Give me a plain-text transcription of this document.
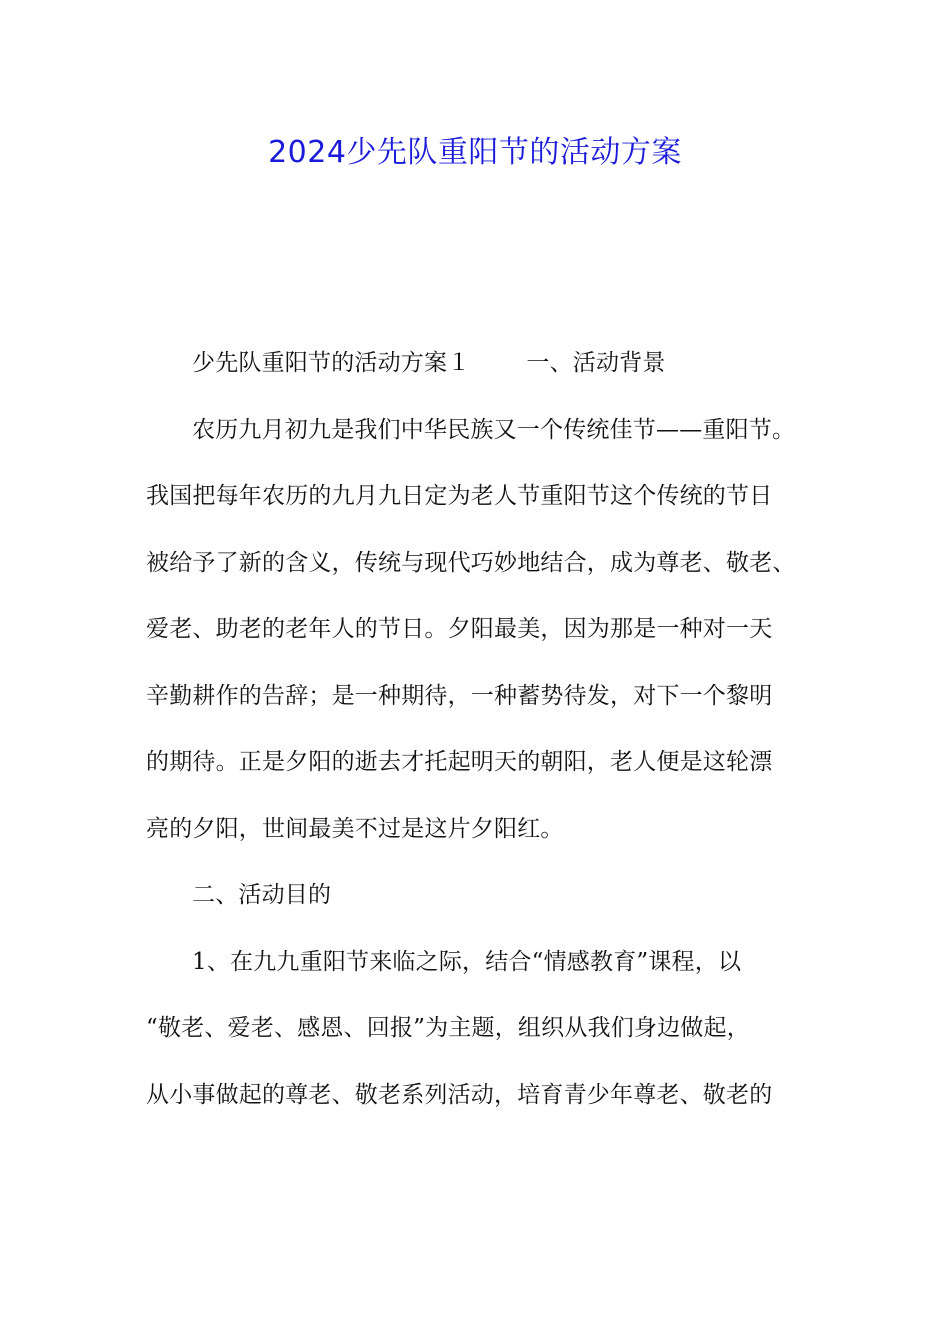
2024少先队重阳节的活动方案
少先队重阳节的活动方案１ 一、活动背景
农历九月初九是我们中华民族又一个传统佳节——重阳节。
我国把每年农历的九月九日定为老人节重阳节这个传统的节日
被给予了新的含义，传统与现代巧妙地结合，成为尊老、敬老、
爱老、助老的老年人的节日。夕阳最美，因为那是一种对一天
辛勤耕作的告辞；是一种期待，一种蓄势待发，对下一个黎明
的期待。正是夕阳的逝去才托起明天的朝阳，老人便是这轮漂
亮的夕阳，世间最美不过是这片夕阳红。
二、活动目的
1、在九九重阳节来临之际，结合“情感教育”课程，以
“敬老、爱老、感恩、回报”为主题，组织从我们身边做起，
从小事做起的尊老、敬老系列活动，培育青少年尊老、敬老的
